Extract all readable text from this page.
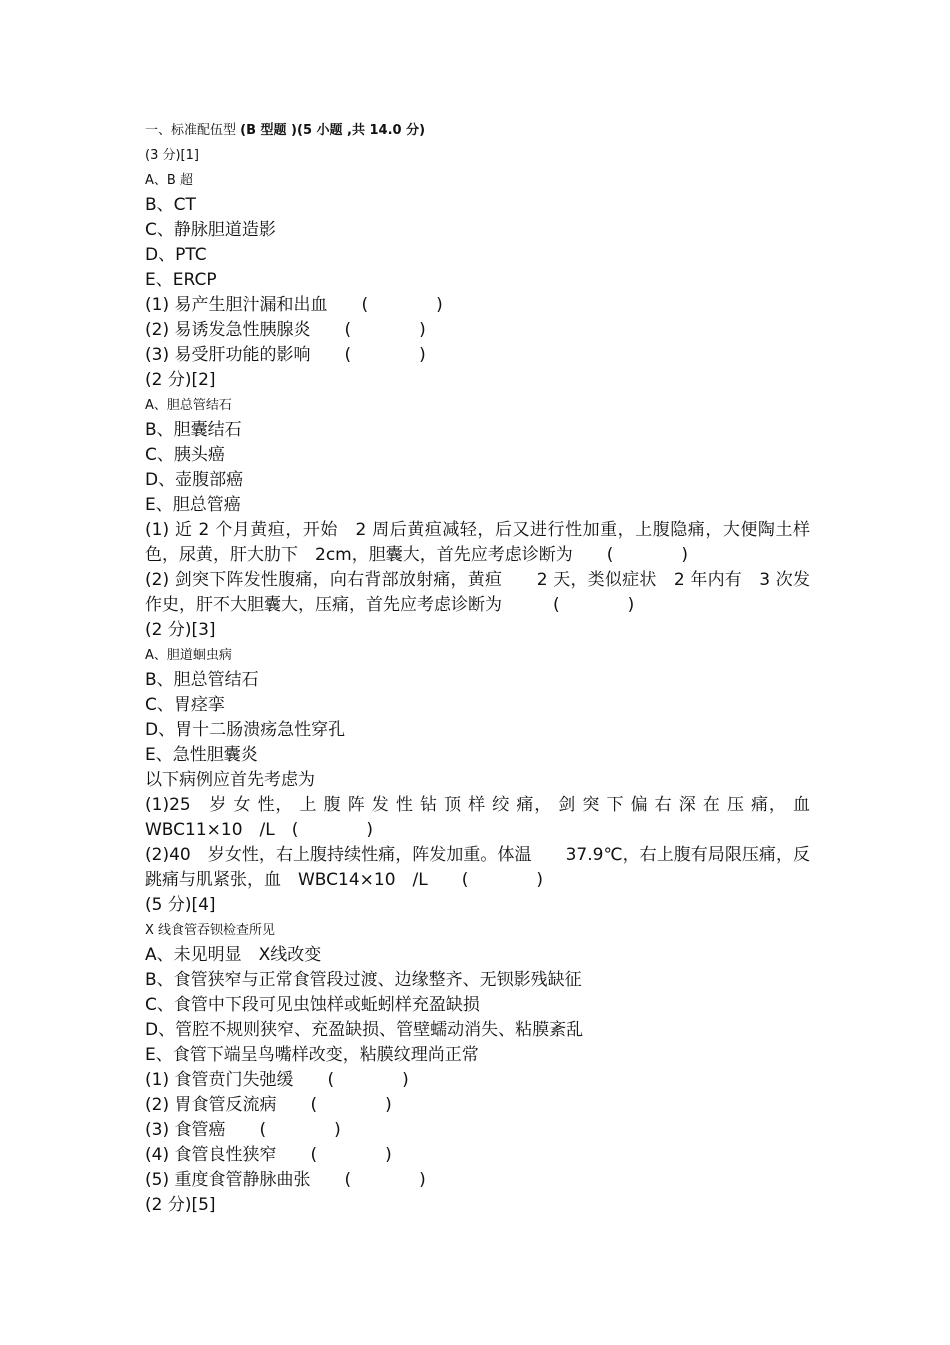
一、标准配伍型 (B 型题 )(5 小题 ,共 14.0 分)
(3 分)[1]
A、B 超
B、CT
C、静脉胆道造影
D、PTC
E、ERCP
(1) 易产生胆汁漏和出血　　(　　　　)
(2) 易诱发急性胰腺炎　　(　　　　)
(3) 易受肝功能的影响　　(　　　　)
(2 分)[2]
A、胆总管结石
B、胆囊结石
C、胰头癌
D、壶腹部癌
E、胆总管癌
(1) 近 2 个月黄疸，开始　2 周后黄疸减轻，后又进行性加重，上腹隐痛，大便陶土样色，尿黄，肝大肋下　2cm，胆囊大，首先应考虑诊断为　　(　　　　)
(2) 剑突下阵发性腹痛，向右背部放射痛，黄疸　　2 天，类似症状　2 年内有　3 次发作史，肝不大胆囊大，压痛，首先应考虑诊断为　　　(　　　　)
(2 分)[3]
A、胆道蛔虫病
B、胆总管结石
C、胃痉挛
D、胃十二肠溃疡急性穿孔
E、急性胆囊炎
以下病例应首先考虑为
(1)25　岁 女 性， 上 腹 阵 发 性 钻 顶 样 绞 痛， 剑 突 下 偏 右 深 在 压 痛， 血 WBC11×10　/L　(　　　　)
(2)40　岁女性，右上腹持续性痛，阵发加重。体温　　37.9℃，右上腹有局限压痛，反跳痛与肌紧张，血　WBC14×10　/L　　(　　　　)
(5 分)[4]
X 线食管吞钡检查所见
A、未见明显　X线改变
B、食管狭窄与正常食管段过渡、边缘整齐、无钡影残缺征
C、食管中下段可见虫蚀样或蚯蚓样充盈缺损
D、管腔不规则狭窄、充盈缺损、管壁蠕动消失、粘膜紊乱
E、食管下端呈鸟嘴样改变，粘膜纹理尚正常
(1) 食管贲门失弛缓　　(　　　　)
(2) 胃食管反流病　　(　　　　)
(3) 食管癌　　(　　　　)
(4) 食管良性狭窄　　(　　　　)
(5) 重度食管静脉曲张　　(　　　　)
(2 分)[5]
